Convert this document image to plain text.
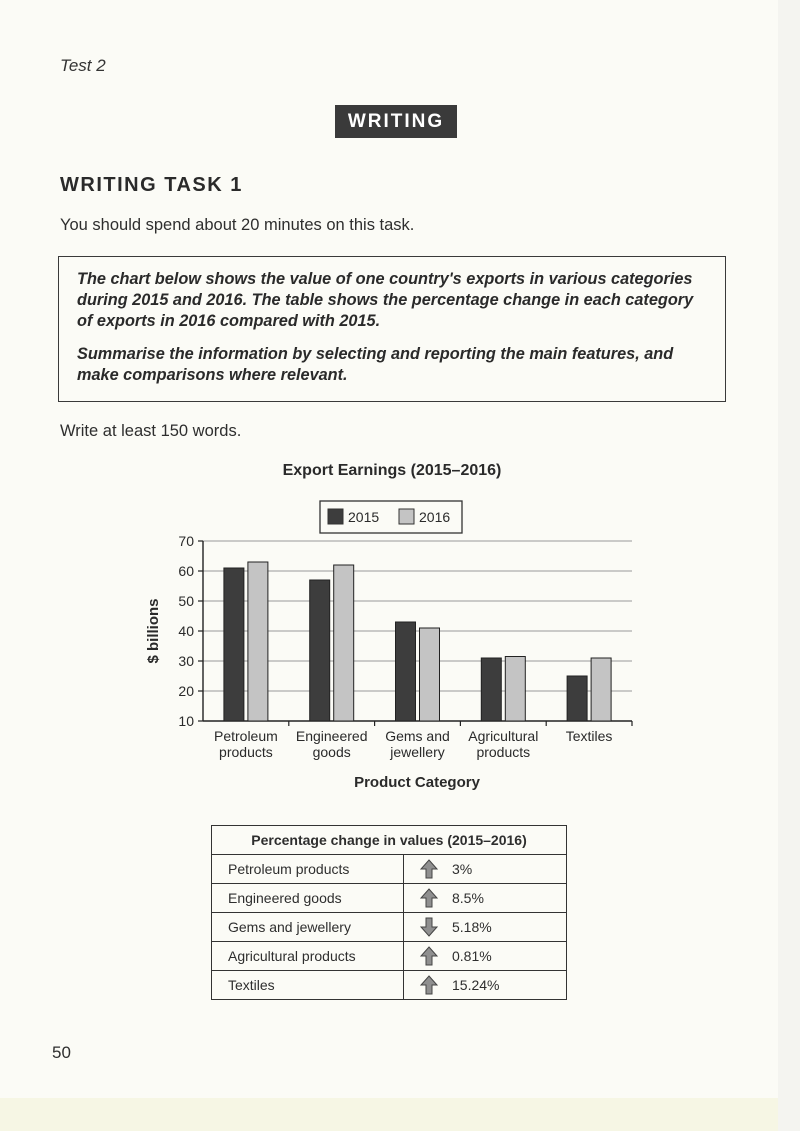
Test 2
WRITING
WRITING TASK 1
You should spend about 20 minutes on this task.

The chart below shows the value of one country's exports in various categories during 2015 and 2016. The table shows the percentage change in each category of exports in 2016 compared with 2015.

Summarise the information by selecting and reporting the main features, and make comparisons where relevant.

Write at least 150 words.
Export Earnings (2015–2016)
2015	2016
10
20
30
40
50
60
70
Petroleum
products
Engineered
goods
Gems and
jewellery
Agricultural
products
Textiles
Product Category
$ billions
Percentage change in values (2015–2016)	
Petroleum products	3%

Engineered goods	8.5%

Gems and jewellery	5.18%

Agricultural products	0.81%

Textiles	15.24%
50
